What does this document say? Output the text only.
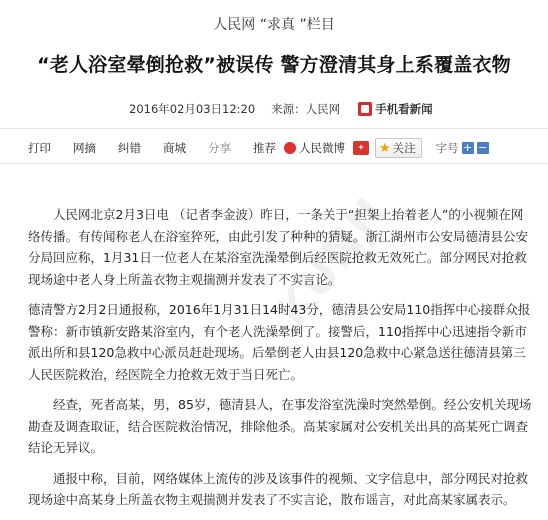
人民网 “求真 ”栏目
“老人浴室晕倒抢救”被误传 警方澄清其身上系覆盖衣物
2016年02月03日12:20 来源：人民网	手机看新闻
打印 网摘 纠错 商城 分享 推荐 人民微博	✦	★ 关注 字号 + −
KUNJI

人民网北京2月3日电 （记者李金波）昨日，一条关于“担架上抬着老人”的小视频在网络传播。有传闻称老人在浴室猝死，由此引发了种种的猜疑。浙江湖州市公安局德清县公安分局回应称，1月31日一位老人在某浴室洗澡晕倒后经医院抢救无效死亡。部分网民对抢救现场途中老人身上所盖衣物主观揣测并发表了不实言论。

德清警方2月2日通报称，2016年1月31日14时43分，德清县公安局110指挥中心接群众报警称：新市镇新安路某浴室内，有个老人洗澡晕倒了。接警后，110指挥中心迅速指令新市派出所和县120急救中心派员赶赴现场。后晕倒老人由县120急救中心紧急送往德清县第三人民医院救治，经医院全力抢救无效于当日死亡。

经查，死者高某，男，85岁，德清县人，在事发浴室洗澡时突然晕倒。经公安机关现场勘查及调查取证，结合医院救治情况，排除他杀。高某家属对公安机关出具的高某死亡调查结论无异议。

通报中称，目前，网络媒体上流传的涉及该事件的视频、文字信息中，部分网民对抢救现场途中高某身上所盖衣物主观揣测并发表了不实言论，散布谣言，对此高某家属表示。
